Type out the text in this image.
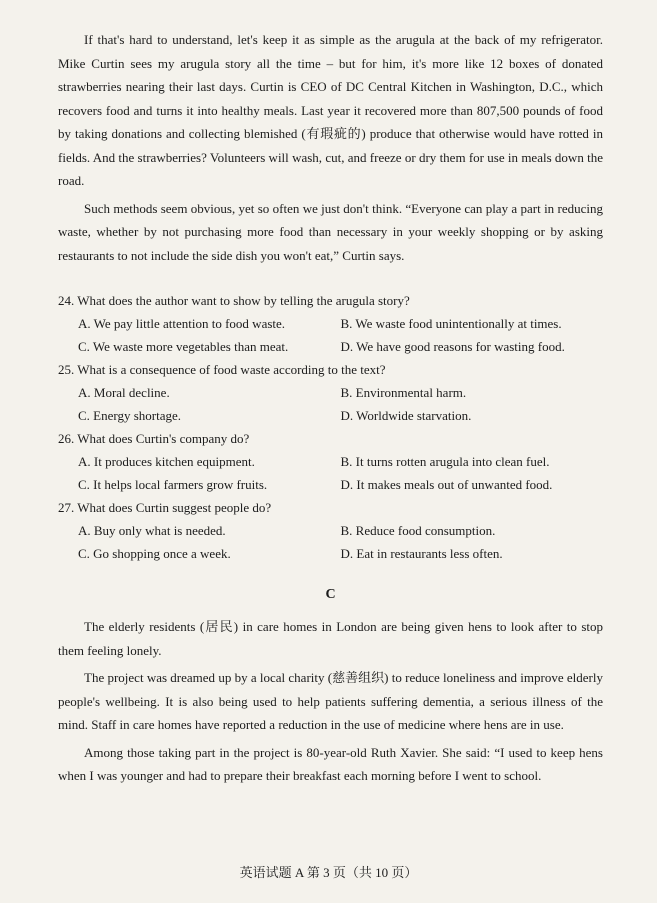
If that's hard to understand, let's keep it as simple as the arugula at the back of my refrigerator. Mike Curtin sees my arugula story all the time – but for him, it's more like 12 boxes of donated strawberries nearing their last days. Curtin is CEO of DC Central Kitchen in Washington, D.C., which recovers food and turns it into healthy meals. Last year it recovered more than 807,500 pounds of food by taking donations and collecting blemished (有瑕疵的) produce that otherwise would have rotted in fields. And the strawberries? Volunteers will wash, cut, and freeze or dry them for use in meals down the road.

Such methods seem obvious, yet so often we just don't think. “Everyone can play a part in reducing waste, whether by not purchasing more food than necessary in your weekly shopping or by asking restaurants to not include the side dish you won't eat,” Curtin says.

24. What does the author want to show by telling the arugula story?

A. We pay little attention to food waste.	B. We waste food unintentionally at times.
C. We waste more vegetables than meat.	D. We have good reasons for wasting food.

25. What is a consequence of food waste according to the text?

A. Moral decline.	B. Environmental harm.
C. Energy shortage.	D. Worldwide starvation.

26. What does Curtin's company do?

A. It produces kitchen equipment.	B. It turns rotten arugula into clean fuel.
C. It helps local farmers grow fruits.	D. It makes meals out of unwanted food.

27. What does Curtin suggest people do?

A. Buy only what is needed.	B. Reduce food consumption.
C. Go shopping once a week.	D. Eat in restaurants less often.
C

The elderly residents (居民) in care homes in London are being given hens to look after to stop them feeling lonely.

The project was dreamed up by a local charity (慈善组织) to reduce loneliness and improve elderly people's wellbeing. It is also being used to help patients suffering dementia, a serious illness of the mind. Staff in care homes have reported a reduction in the use of medicine where hens are in use.

Among those taking part in the project is 80-year-old Ruth Xavier. She said: “I used to keep hens when I was younger and had to prepare their breakfast each morning before I went to school.

英语试题 A 第 3 页（共 10 页）
